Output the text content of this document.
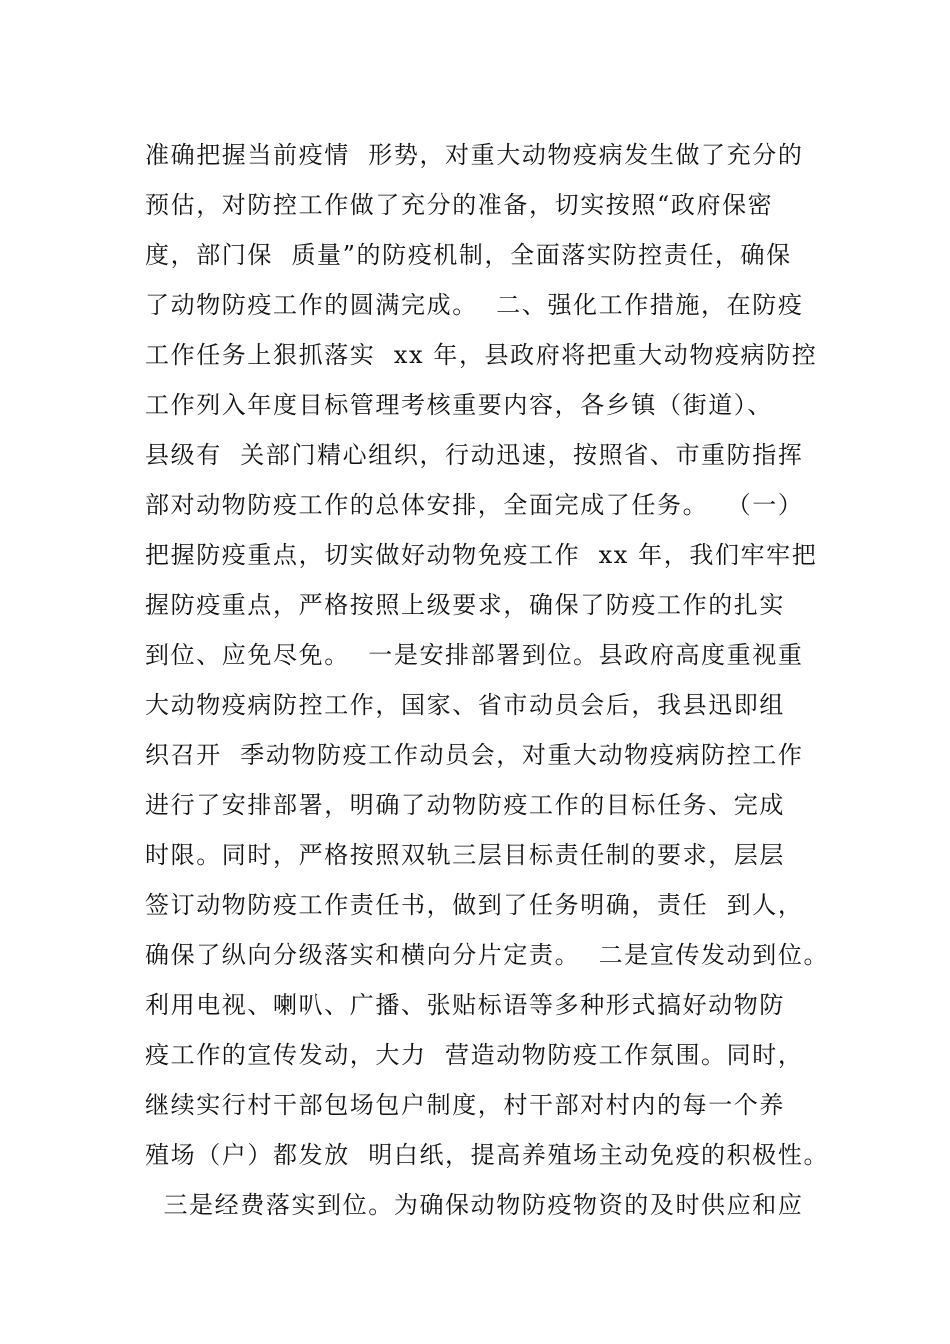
准确把握当前疫情  形势，对重大动物疫病发生做了充分的
预估，对防控工作做了充分的准备，切实按照“政府保密
度，部门保  质量”的防疫机制，全面落实防控责任，确保
了动物防疫工作的圆满完成。  二、强化工作措施，在防疫
工作任务上狠抓落实  xx 年，县政府将把重大动物疫病防控
工作列入年度目标管理考核重要内容，各乡镇（街道）、
县级有  关部门精心组织，行动迅速，按照省、市重防指挥
部对动物防疫工作的总体安排，全面完成了任务。  （一）
把握防疫重点，切实做好动物免疫工作  xx 年，我们牢牢把
握防疫重点，严格按照上级要求，确保了防疫工作的扎实
到位、应免尽免。  一是安排部署到位。县政府高度重视重
大动物疫病防控工作，国家、省市动员会后，我县迅即组
织召开  季动物防疫工作动员会，对重大动物疫病防控工作
进行了安排部署，明确了动物防疫工作的目标任务、完成
时限。同时，严格按照双轨三层目标责任制的要求，层层
签订动物防疫工作责任书，做到了任务明确，责任  到人，
确保了纵向分级落实和横向分片定责。  二是宣传发动到位。
利用电视、喇叭、广播、张贴标语等多种形式搞好动物防
疫工作的宣传发动，大力  营造动物防疫工作氛围。同时，
继续实行村干部包场包户制度，村干部对村内的每一个养
殖场（户）都发放  明白纸，提高养殖场主动免疫的积极性。
三是经费落实到位。为确保动物防疫物资的及时供应和应
